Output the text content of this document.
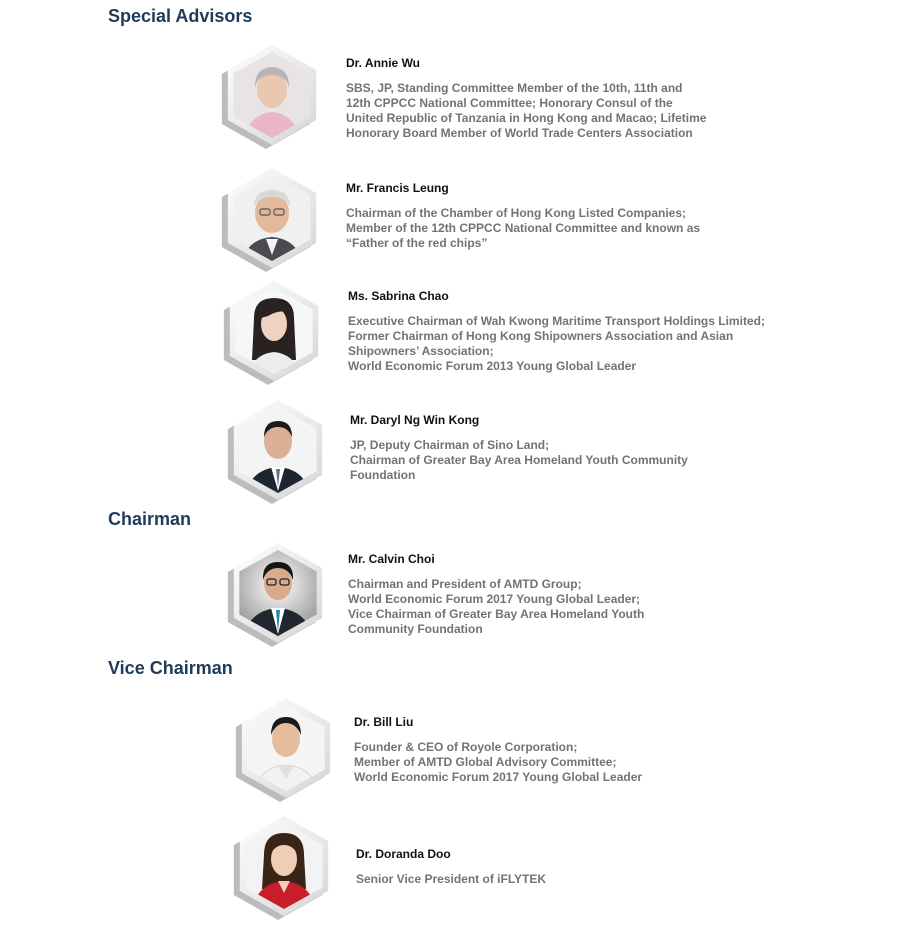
Special Advisors
Chairman
Vice Chairman

Dr. Annie Wu

SBS, JP, Standing Committee Member of the 10th, 11th and
12th CPPCC National Committee; Honorary Consul of the
United Republic of Tanzania in Hong Kong and Macao; Lifetime
Honorary Board Member of World Trade Centers Association

Mr. Francis Leung

Chairman of the Chamber of Hong Kong Listed Companies;
Member of the 12th CPPCC National Committee and known as
“Father of the red chips”

Ms. Sabrina Chao

Executive Chairman of Wah Kwong Maritime Transport Holdings Limited;
Former Chairman of Hong Kong Shipowners Association and Asian
Shipowners’ Association;
World Economic Forum 2013 Young Global Leader

Mr. Daryl Ng Win Kong

JP, Deputy Chairman of Sino Land;
Chairman of Greater Bay Area Homeland Youth Community
Foundation

Mr. Calvin Choi

Chairman and President of AMTD Group;
World Economic Forum 2017 Young Global Leader;
Vice Chairman of Greater Bay Area Homeland Youth
Community Foundation

Dr. Bill Liu

Founder & CEO of Royole Corporation;
Member of AMTD Global Advisory Committee;
World Economic Forum 2017 Young Global Leader

Dr. Doranda Doo

Senior Vice President of iFLYTEK
